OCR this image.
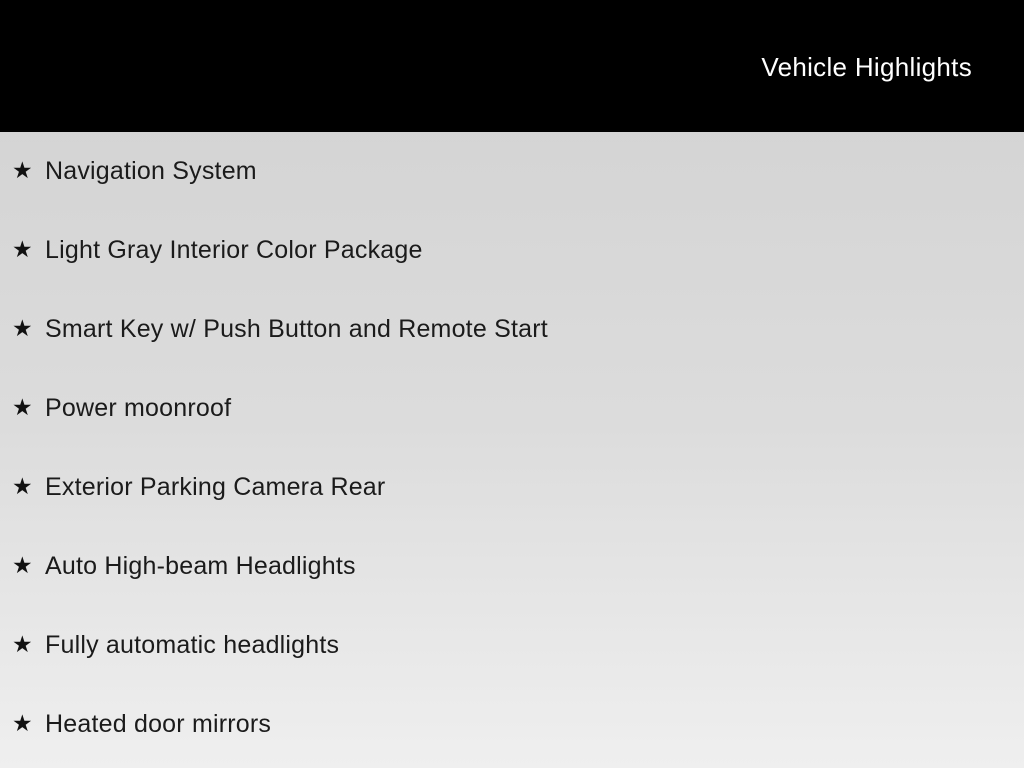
Vehicle Highlights
★ Navigation System
★ Light Gray Interior Color Package
★ Smart Key w/ Push Button and Remote Start
★ Power moonroof
★ Exterior Parking Camera Rear
★ Auto High-beam Headlights
★ Fully automatic headlights
★ Heated door mirrors
